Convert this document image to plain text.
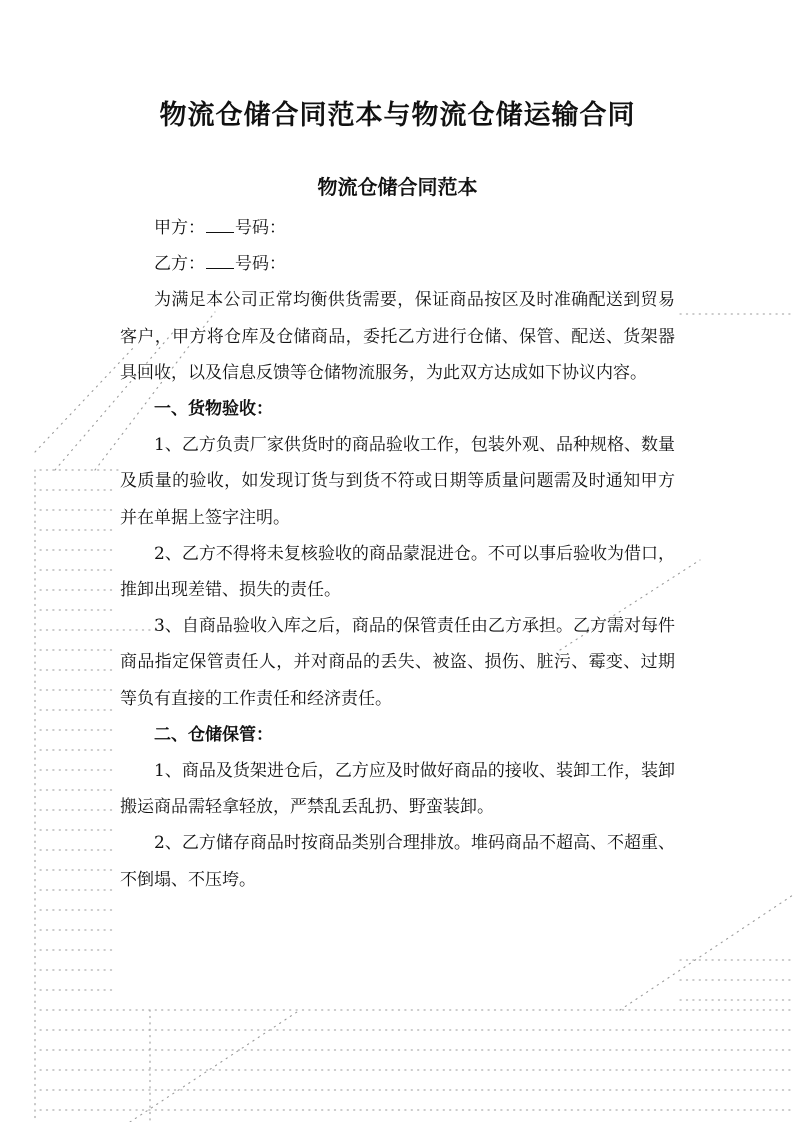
物流仓储合同范本与物流仓储运输合同
物流仓储合同范本

甲方： 号码：

乙方： 号码：

为满足本公司正常均衡供货需要，保证商品按区及时准确配送到贸易客户，甲方将仓库及仓储商品，委托乙方进行仓储、保管、配送、货架器具回收，以及信息反馈等仓储物流服务，为此双方达成如下协议内容。

一、货物验收：

1、乙方负责厂家供货时的商品验收工作，包装外观、品种规格、数量及质量的验收，如发现订货与到货不符或日期等质量问题需及时通知甲方并在单据上签字注明。

2、乙方不得将未复核验收的商品蒙混进仓。不可以事后验收为借口，推卸出现差错、损失的责任。

3、自商品验收入库之后，商品的保管责任由乙方承担。乙方需对每件商品指定保管责任人，并对商品的丢失、被盗、损伤、脏污、霉变、过期等负有直接的工作责任和经济责任。

二、仓储保管：

1、商品及货架进仓后，乙方应及时做好商品的接收、装卸工作，装卸搬运商品需轻拿轻放，严禁乱丢乱扔、野蛮装卸。

2、乙方储存商品时按商品类别合理排放。堆码商品不超高、不超重、不倒塌、不压垮。
